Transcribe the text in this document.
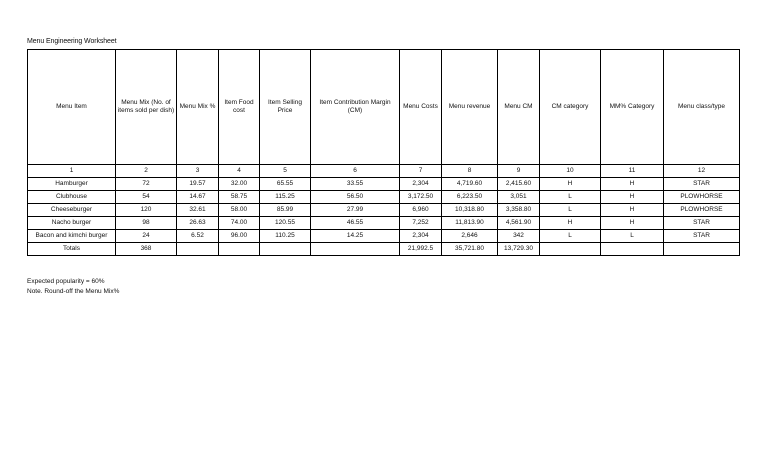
Menu Engineering Worksheet
Menu Item	Menu Mix (No. of items sold per dish)	Menu Mix %	Item Food cost	Item Selling Price	Item Contribution Margin (CM)	Menu Costs	Menu revenue	Menu CM	CM category	MM% Category	Menu class/type
1	2	3	4	5	6	7	8	9	10	11	12
Hamburger	72	19.57	32.00	65.55	33.55	2,304	4,719.60	2,415.60	H	H	STAR
Clubhouse	54	14.67	58.75	115.25	56.50	3,172.50	6,223.50	3,051	L	H	PLOWHORSE
Cheeseburger	120	32.61	58.00	85.99	27.99	6,960	10,318.80	3,358.80	L	H	PLOWHORSE
Nacho burger	98	26.63	74.00	120.55	46.55	7,252	11,813.90	4,561.90	H	H	STAR
Bacon and kimchi burger	24	6.52	96.00	110.25	14.25	2,304	2,646	342	L	L	STAR
Totals	368					21,992.5	35,721.80	13,729.30			
Expected popularity = 60%
Note. Round-off the Menu Mix%
